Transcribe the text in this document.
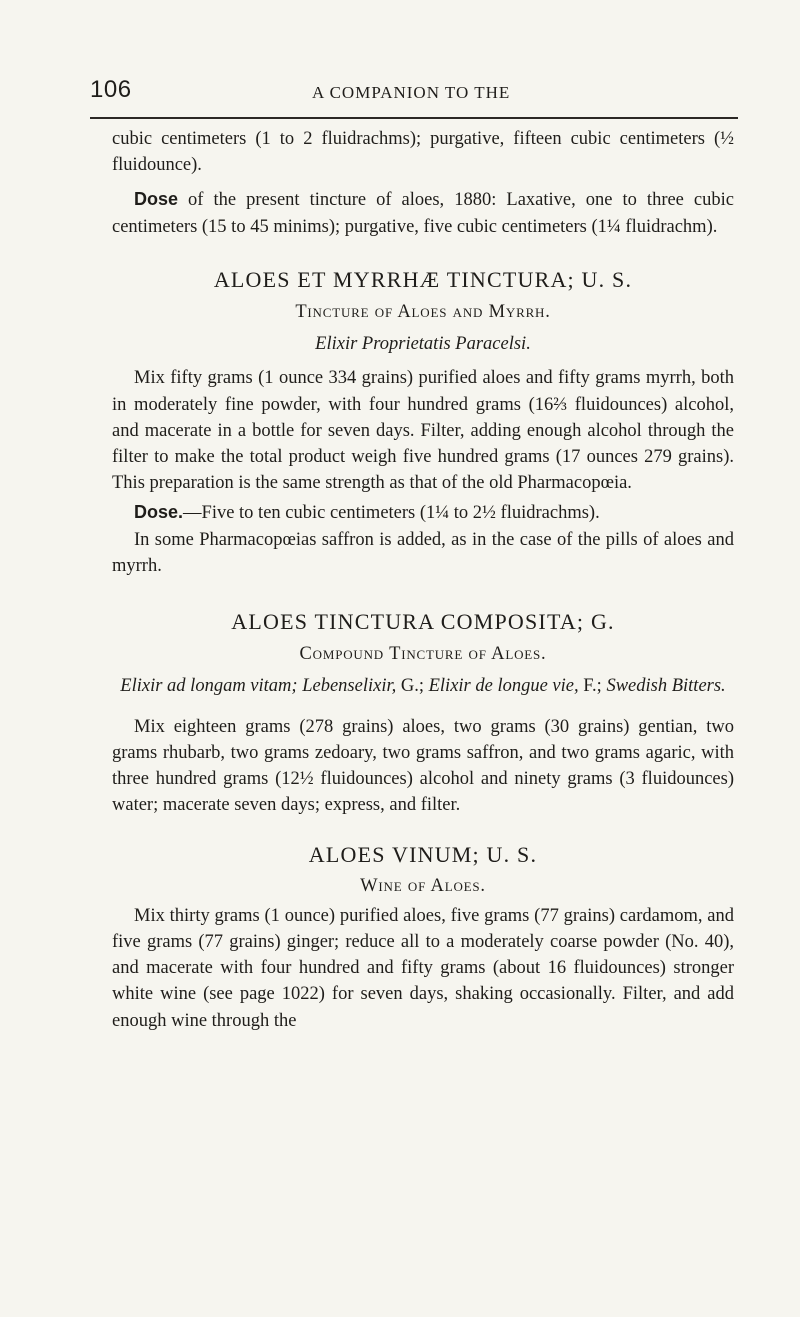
106	A COMPANION TO THE

cubic centimeters (1 to 2 fluidrachms); purgative, fifteen cubic centimeters (½ fluidounce).

Dose of the present tincture of aloes, 1880: Laxative, one to three cubic centimeters (15 to 45 minims); purgative, five cubic centimeters (1¼ fluidrachm).

ALOES ET MYRRHÆ TINCTURA; U. S.
Tincture of Aloes and Myrrh.
Elixir Proprietatis Paracelsi.

Mix fifty grams (1 ounce 334 grains) purified aloes and fifty grams myrrh, both in moderately fine powder, with four hundred grams (16⅔ fluidounces) alcohol, and macerate in a bottle for seven days. Filter, adding enough alcohol through the filter to make the total product weigh five hundred grams (17 ounces 279 grains). This preparation is the same strength as that of the old Pharmacopœia.

Dose.—Five to ten cubic centimeters (1¼ to 2½ fluidrachms).

In some Pharmacopœias saffron is added, as in the case of the pills of aloes and myrrh.

ALOES TINCTURA COMPOSITA; G.
Compound Tincture of Aloes.
Elixir ad longam vitam; Lebenselixir, G.; Elixir de longue vie, F.; Swedish Bitters.

Mix eighteen grams (278 grains) aloes, two grams (30 grains) gentian, two grams rhubarb, two grams zedoary, two grams saffron, and two grams agaric, with three hundred grams (12½ fluidounces) alcohol and ninety grams (3 fluidounces) water; macerate seven days; express, and filter.

ALOES VINUM; U. S.
Wine of Aloes.

Mix thirty grams (1 ounce) purified aloes, five grams (77 grains) cardamom, and five grams (77 grains) ginger; reduce all to a moderately coarse powder (No. 40), and macerate with four hundred and fifty grams (about 16 fluidounces) stronger white wine (see page 1022) for seven days, shaking occasionally. Filter, and add enough wine through the
